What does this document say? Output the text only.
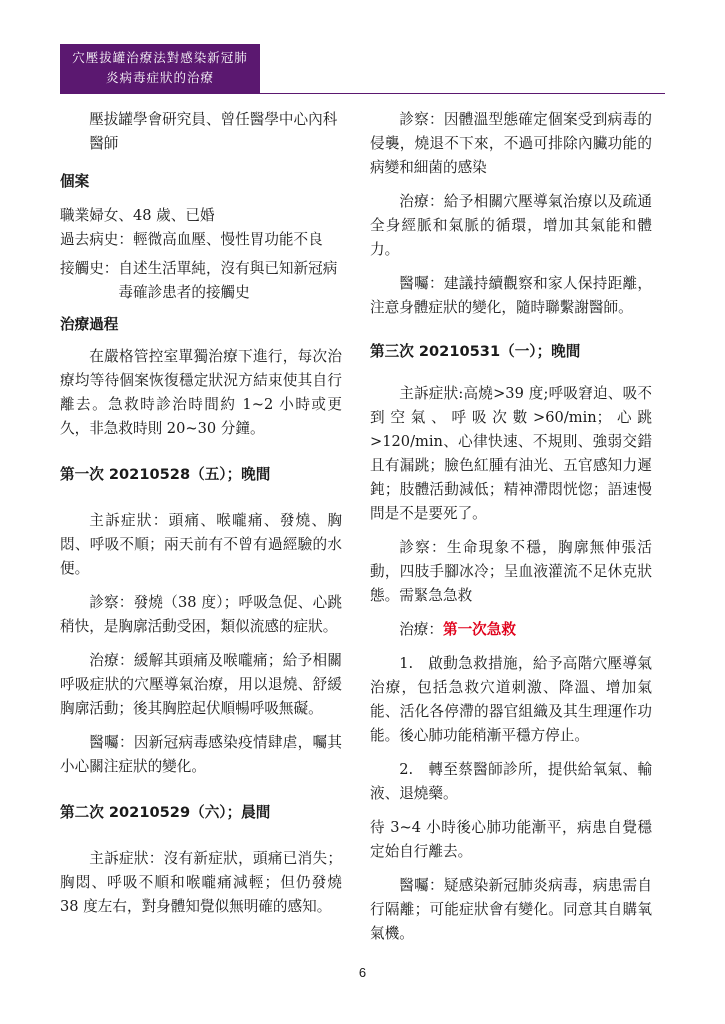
穴壓拔罐治療法對感染新冠肺
炎病毒症狀的治療

壓拔罐學會研究員、曾任醫學中心內科醫師

個案

職業婦女、48 歲、已婚

過去病史：輕微高血壓、慢性胃功能不良

接觸史：自述生活單純，沒有與已知新冠病毒確診患者的接觸史

治療過程

在嚴格管控室單獨治療下進行，每次治療均等待個案恢復穩定狀況方結束使其自行離去。急救時診治時間約 1~2 小時或更久，非急救時則 20~30 分鐘。

第一次 20210528（五）；晚間

主訴症狀：頭痛、喉嚨痛、發燒、胸悶、呼吸不順；兩天前有不曾有過經驗的水便。

診察：發燒（38 度）；呼吸急促、心跳稍快，是胸廓活動受困，類似流感的症狀。

治療：緩解其頭痛及喉嚨痛；給予相關呼吸症狀的穴壓導氣治療，用以退燒、舒緩胸廓活動；後其胸腔起伏順暢呼吸無礙。

醫囑：因新冠病毒感染疫情肆虐，囑其小心關注症狀的變化。

第二次 20210529（六）；晨間

主訴症狀：沒有新症狀，頭痛已消失；胸悶、呼吸不順和喉嚨痛減輕；但仍發燒 38 度左右，對身體知覺似無明確的感知。

診察：因體溫型態確定個案受到病毒的侵襲，燒退不下來，不過可排除內臟功能的病變和細菌的感染

治療：給予相關穴壓導氣治療以及疏通全身經脈和氣脈的循環，增加其氣能和體力。

醫囑：建議持續觀察和家人保持距離，注意身體症狀的變化，隨時聯繫謝醫師。

第三次 20210531（一）；晚間

主訴症狀:高燒>39 度;呼吸窘迫、吸不到空氣、呼吸次數>60/min；心跳>120/min、心律快速、不規則、強弱交錯且有漏跳；臉色紅腫有油光、五官感知力遲鈍；肢體活動減低；精神滯悶恍惚；語速慢問是不是要死了。

診察：生命現象不穩，胸廓無伸張活動，四肢手腳冰冷；呈血液灌流不足休克狀態。需緊急急救

治療：第一次急救

1.　啟動急救措施，給予高階穴壓導氣治療，包括急救穴道刺激、降溫、增加氣能、活化各停滯的器官組織及其生理運作功能。後心肺功能稍漸平穩方停止。

2.　轉至蔡醫師診所，提供給氧氣、輸液、退燒藥。

待 3~4 小時後心肺功能漸平，病患自覺穩定始自行離去。

醫囑：疑感染新冠肺炎病毒，病患需自行隔離；可能症狀會有變化。同意其自購氧氣機。

6
